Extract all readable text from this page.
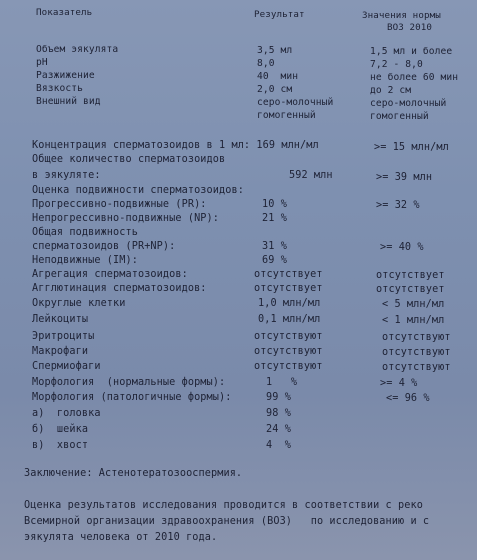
Показатель	Результат	Значения нормы
ВОЗ 2010
Объем эякулята	3,5 мл	1,5 мл и более
pH	8,0	7,2 - 8,0
Разжижение	40  мин	не более 60 мин
Вязкость	2,0 см	до 2 см
Внешний вид	серо-молочный	серо-молочный
гомогенный	гомогенный
Концентрация сперматозоидов в 1 мл: 169 млн/мл	>= 15 млн/мл
Общее количество сперматозоидов
в эякуляте:	592 млн	>= 39 млн
Оценка подвижности сперматозоидов:
Прогрессивно-подвижные (PR):	10 %	>= 32 %
Непрогрессивно-подвижные (NP):	21 %
Общая подвижность
сперматозоидов (PR+NP):	31 %	>= 40 %
Неподвижные (IM):	69 %
Агрегация сперматозоидов:	отсутствует	отсутствует
Агглютинация сперматозоидов:	отсутствует	отсутствует
Округлые клетки	1,0 млн/мл	< 5 млн/мл
Лейкоциты	0,1 млн/мл	< 1 млн/мл
Эритроциты	отсутствуют	отсутствуют
Макрофаги	отсутствуют	отсутствуют
Спермиофаги	отсутствуют	отсутствуют
Морфология  (нормальные формы):	1   %	>= 4 %
Морфология (патологичные формы):	99 %	<= 96 %
а)  головка	98 %
б)  шейка	24 %
в)  хвост	4  %
Заключение: Астенотератозооспермия.
Оценка результатов исследования проводится в соответствии с реко
Всемирной организации здравоохранения (ВОЗ)   по исследованию и с
эякулята человека от 2010 года.
